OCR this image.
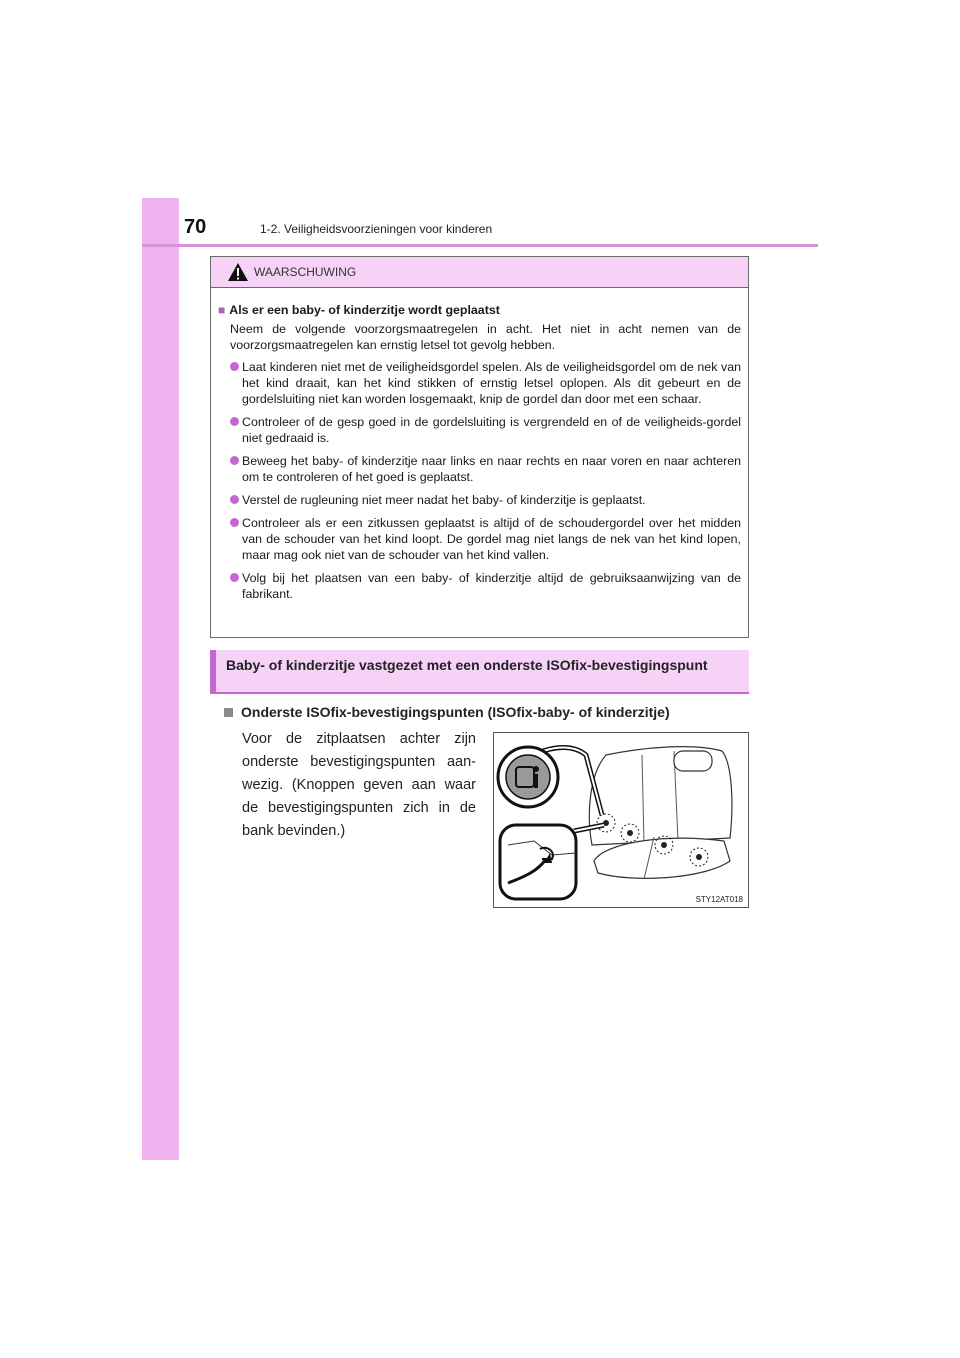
70	1-2. Veiligheidsvoorzieningen voor kinderen
WAARSCHUWING
■ Als er een baby- of kinderzitje wordt geplaatst
Neem de volgende voorzorgsmaatregelen in acht. Het niet in acht nemen van de voorzorgsmaatregelen kan ernstig letsel tot gevolg hebben.
Laat kinderen niet met de veiligheidsgordel spelen. Als de veiligheidsgordel om de nek van het kind draait, kan het kind stikken of ernstig letsel oplopen. Als dit gebeurt en de gordelsluiting niet kan worden losgemaakt, knip de gordel dan door met een schaar.
Controleer of de gesp goed in de gordelsluiting is vergrendeld en of de veiligheids-gordel niet gedraaid is.
Beweeg het baby- of kinderzitje naar links en naar rechts en naar voren en naar achteren om te controleren of het goed is geplaatst.
Verstel de rugleuning niet meer nadat het baby- of kinderzitje is geplaatst.
Controleer als er een zitkussen geplaatst is altijd of de schoudergordel over het midden van de schouder van het kind loopt. De gordel mag niet langs de nek van het kind lopen, maar mag ook niet van de schouder van het kind vallen.
Volg bij het plaatsen van een baby- of kinderzitje altijd de gebruiksaanwijzing van de fabrikant.
Baby- of kinderzitje vastgezet met een onderste ISOfix-bevestigingspunt
Onderste ISOfix-bevestigingspunten (ISOfix-baby- of kinderzitje)
Voor de zitplaatsen achter zijn onderste bevestigingspunten aan-wezig. (Knoppen geven aan waar de bevestigingspunten zich in de bank bevinden.)
STY12AT018
